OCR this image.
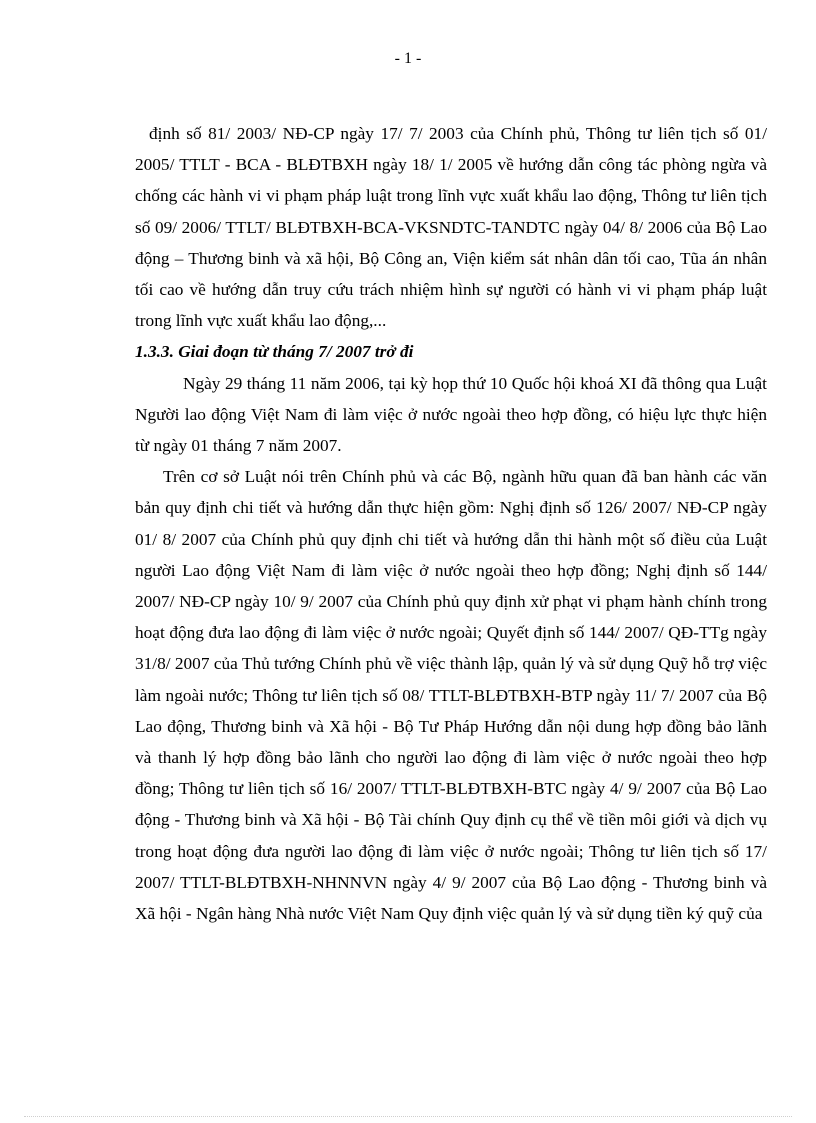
- 1 -

định số 81/ 2003/ NĐ-CP ngày 17/ 7/ 2003 của Chính phủ, Thông tư liên tịch số 01/ 2005/ TTLT - BCA - BLĐTBXH ngày 18/ 1/ 2005 về hướng dẫn công tác phòng ngừa và chống các hành vi vi phạm pháp luật trong lĩnh vực xuất khẩu lao động, Thông tư liên tịch số 09/ 2006/ TTLT/ BLĐTBXH-BCA-VKSNDTC-TANDTC ngày 04/ 8/ 2006 của Bộ Lao động – Thương binh và xã hội, Bộ Công an, Viện kiểm sát nhân dân tối cao, Tũa án nhân tối cao về hướng dẫn truy cứu trách nhiệm hình sự người có hành vi vi phạm pháp luật trong lĩnh vực xuất khẩu lao động,...

1.3.3. Giai đoạn từ tháng 7/ 2007 trở đi

Ngày 29 tháng 11 năm 2006, tại kỳ họp thứ 10 Quốc hội khoá XI đã thông qua Luật Người lao động Việt Nam đi làm việc ở nước ngoài theo hợp đồng, có hiệu lực thực hiện từ ngày 01 tháng 7 năm 2007.

Trên cơ sở Luật nói trên Chính phủ và các Bộ, ngành hữu quan đã ban hành các văn bản quy định chi tiết và hướng dẫn thực hiện gồm: Nghị định số 126/ 2007/ NĐ-CP ngày 01/ 8/ 2007 của Chính phủ quy định chi tiết và hướng dẫn thi hành một số điều của Luật người Lao động Việt Nam đi làm việc ở nước ngoài theo hợp đồng; Nghị định số 144/ 2007/ NĐ-CP ngày 10/ 9/ 2007 của Chính phủ quy định xử phạt vi phạm hành chính trong hoạt động đưa lao động đi làm việc ở nước ngoài; Quyết định số 144/ 2007/ QĐ-TTg ngày 31/8/ 2007 của Thủ tướng Chính phủ về việc thành lập, quản lý và sử dụng Quỹ hỗ trợ việc làm ngoài nước; Thông tư liên tịch số 08/ TTLT-BLĐTBXH-BTP ngày 11/ 7/ 2007 của Bộ Lao động, Thương binh và Xã hội - Bộ Tư Pháp Hướng dẫn nội dung hợp đồng bảo lãnh và thanh lý hợp đồng bảo lãnh cho người lao động đi làm việc ở nước ngoài theo hợp đồng; Thông tư liên tịch số 16/ 2007/ TTLT-BLĐTBXH-BTC ngày 4/ 9/ 2007 của Bộ Lao động - Thương binh và Xã hội - Bộ Tài chính Quy định cụ thể về tiền môi giới và dịch vụ trong hoạt động đưa người lao động đi làm việc ở nước ngoài; Thông tư liên tịch số 17/ 2007/ TTLT-BLĐTBXH-NHNNVN ngày 4/ 9/ 2007 của Bộ Lao động - Thương binh và Xã hội - Ngân hàng Nhà nước Việt Nam Quy định việc quản lý và sử dụng tiền ký quỹ của
